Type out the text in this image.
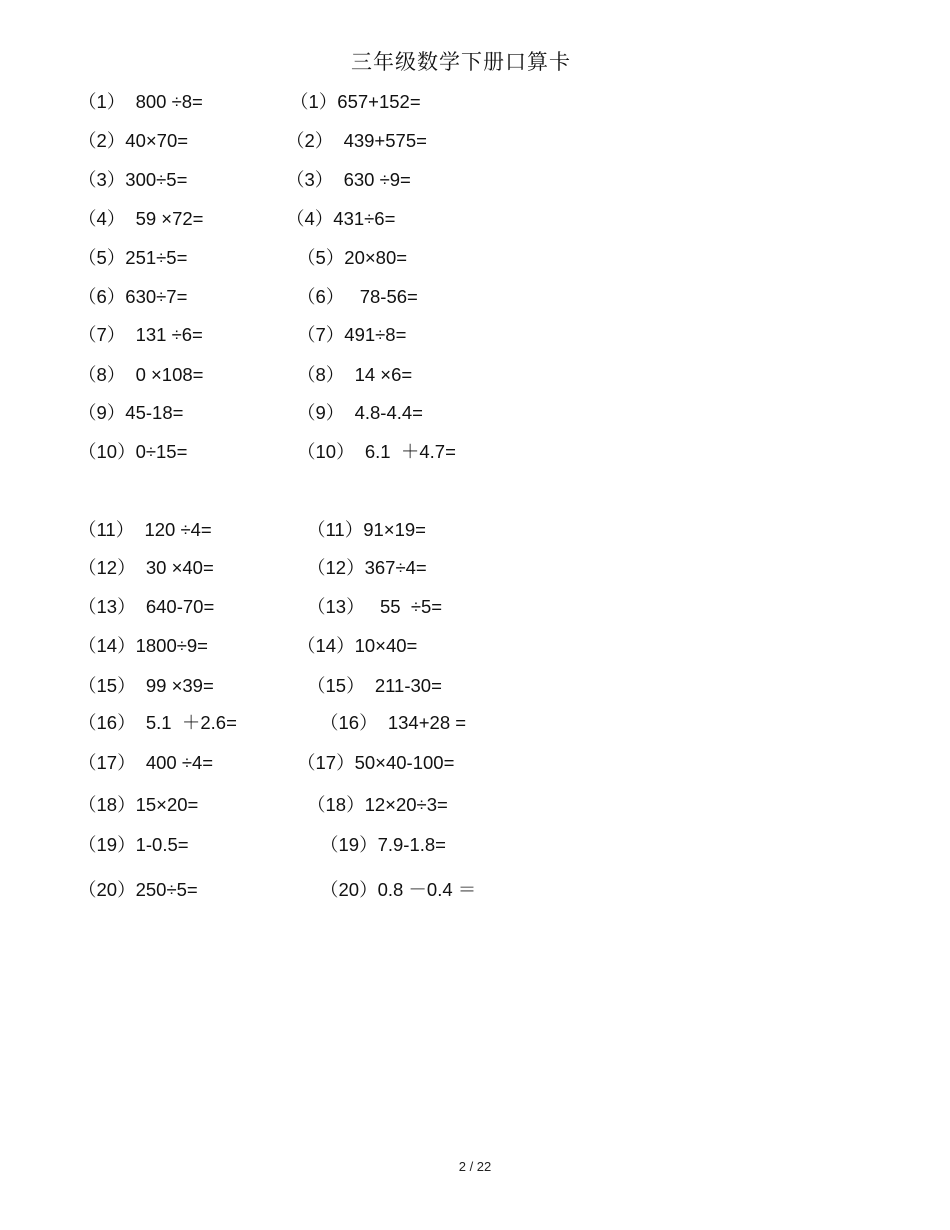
三年级数学下册口算卡
（1）  800 ÷8=	（1）657+152=
（2）40×70=	（2）  439+575=
（3）300÷5=	（3）  630 ÷9=
（4）  59 ×72=	（4）431÷6=
（5）251÷5=	（5）20×80=
（6）630÷7=	（6）   78-56=
（7）  131 ÷6=	（7）491÷8=
（8）  0 ×108=	（8）  14 ×6=
（9）45-18=	（9）  4.8-4.4=
（10）0÷15=	（10）  6.1  ＋4.7=
（11）  120 ÷4=	（11）91×19=
（12）  30 ×40=	（12）367÷4=
（13）  640-70=	（13）   55  ÷5=
（14）1800÷9=	（14）10×40=
（15）  99 ×39=	（15）  211-30=
（16）  5.1  ＋2.6=	（16）  134+28 =
（17）  400 ÷4=	（17）50×40-100=
（18）15×20=	（18）12×20÷3=
（19）1-0.5=	（19）7.9-1.8=
（20）250÷5=	（20）0.8 －0.4 ＝
2 / 22
